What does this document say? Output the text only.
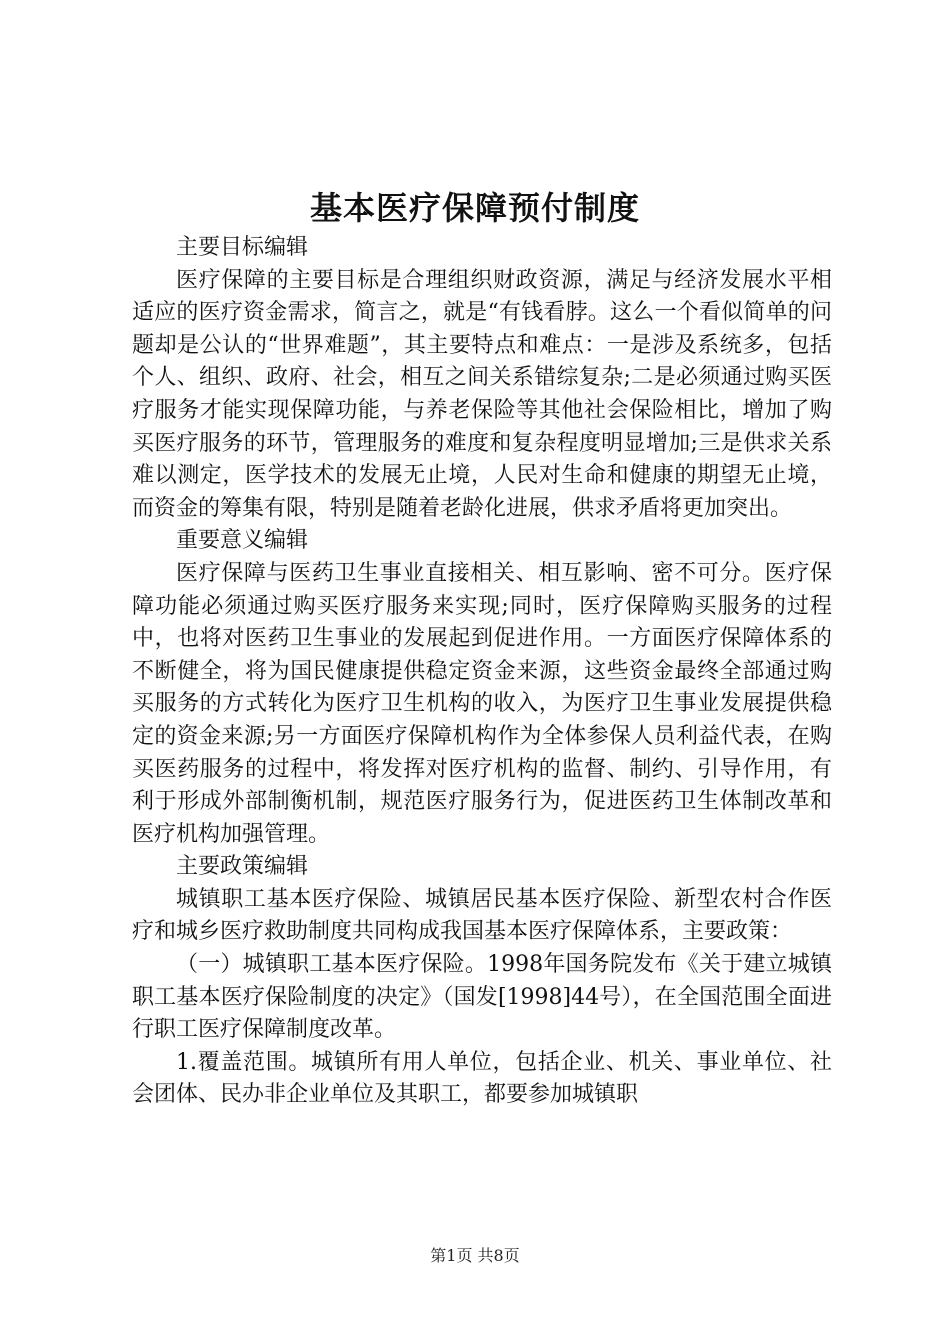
基本医疗保障预付制度

主要目标编辑

医疗保障的主要目标是合理组织财政资源，满足与经济发展水平相适应的医疗资金需求，简言之，就是“有钱看脖。这么一个看似简单的问题却是公认的“世界难题”，其主要特点和难点：一是涉及系统多，包括个人、组织、政府、社会，相互之间关系错综复杂;二是必须通过购买医疗服务才能实现保障功能，与养老保险等其他社会保险相比，增加了购买医疗服务的环节，管理服务的难度和复杂程度明显增加;三是供求关系难以测定，医学技术的发展无止境，人民对生命和健康的期望无止境，而资金的筹集有限，特别是随着老龄化进展，供求矛盾将更加突出。

重要意义编辑

医疗保障与医药卫生事业直接相关、相互影响、密不可分。医疗保障功能必须通过购买医疗服务来实现;同时，医疗保障购买服务的过程中，也将对医药卫生事业的发展起到促进作用。一方面医疗保障体系的不断健全，将为国民健康提供稳定资金来源，这些资金最终全部通过购买服务的方式转化为医疗卫生机构的收入，为医疗卫生事业发展提供稳定的资金来源;另一方面医疗保障机构作为全体参保人员利益代表，在购买医药服务的过程中，将发挥对医疗机构的监督、制约、引导作用，有利于形成外部制衡机制，规范医疗服务行为，促进医药卫生体制改革和医疗机构加强管理。

主要政策编辑

城镇职工基本医疗保险、城镇居民基本医疗保险、新型农村合作医疗和城乡医疗救助制度共同构成我国基本医疗保障体系，主要政策：

（一）城镇职工基本医疗保险。1998年国务院发布《关于建立城镇职工基本医疗保险制度的决定》（国发[1998]44号），在全国范围全面进行职工医疗保障制度改革。

1.覆盖范围。城镇所有用人单位，包括企业、机关、事业单位、社会团体、民办非企业单位及其职工，都要参加城镇职

第1页 共8页
